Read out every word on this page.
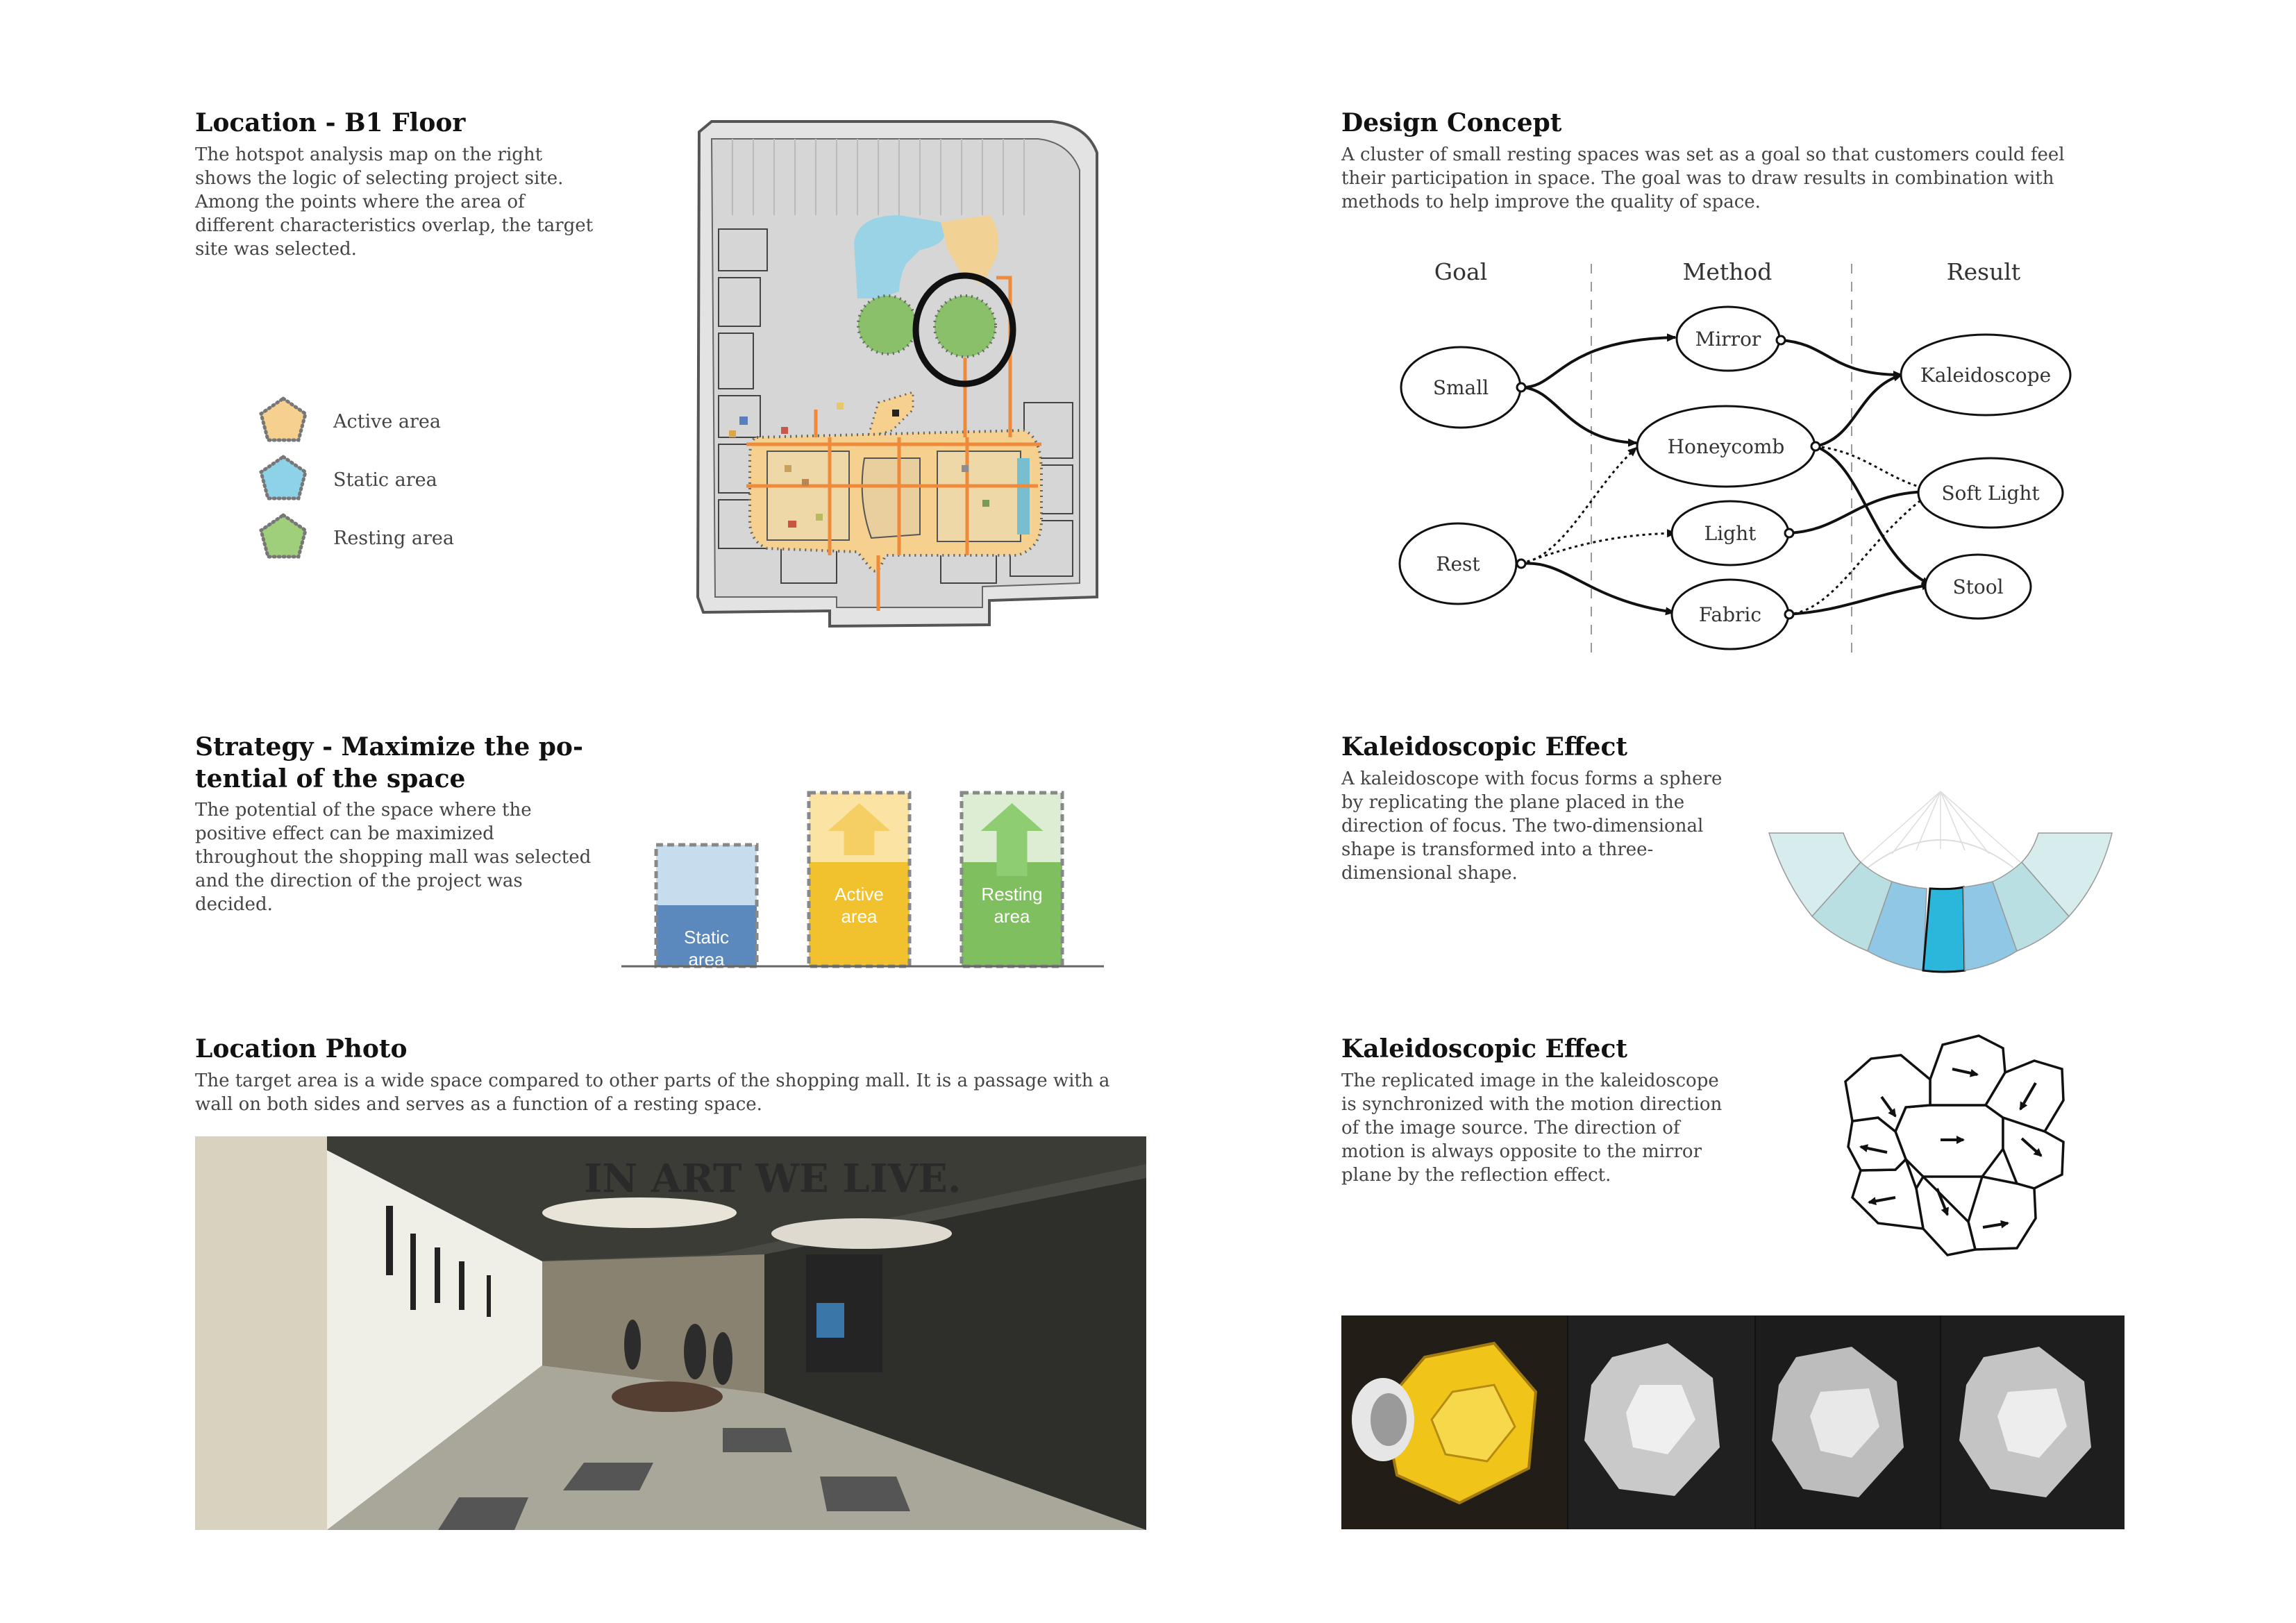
Location - B1 Floor

The hotspot analysis map on the right shows the logic of selecting project site. Among the points where the area of different characteristics overlap, the target site was selected.

Active area
Static area
Resting area
Design Concept

A cluster of small resting spaces was set as a goal so that customers could feel their participation in space. The goal was to draw results in combination with methods to help improve the quality of space.

Goal	Method	Result
Small
Rest
Mirror
Honeycomb
Light
Fabric
Kaleidoscope
Soft Light
Stool
Strategy - Maximize the po-
tential of the space

The potential of the space where the positive effect can be maximized throughout the shopping mall was selected and the direction of the project was decided.

Static
area
Active
area
Resting
area
Kaleidoscopic Effect

A kaleidoscope with focus forms a sphere by replicating the plane placed in the direction of focus. The two-dimensional shape is transformed into a three-dimensional shape.

Kaleidoscopic Effect

The replicated image in the kaleidoscope is synchronized with the motion direction of the image source. The direction of motion is always opposite to the mirror plane by the reflection effect.

Location Photo

The target area is a wide space compared to other parts of the shopping mall. It is a passage with a wall on both sides and serves as a function of a resting space.

IN ART WE LIVE.
